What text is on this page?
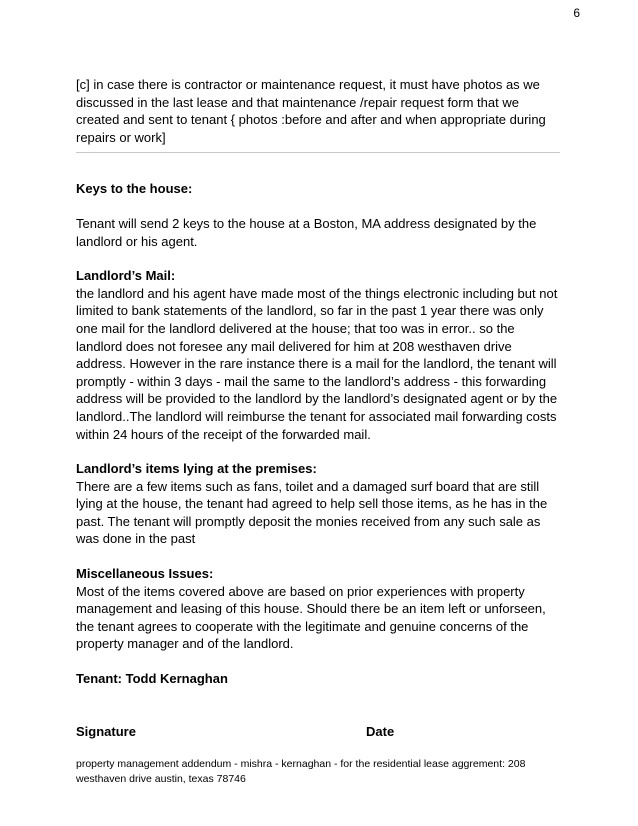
6

[c] in case there is contractor or maintenance request, it must have photos as we discussed in the last lease and that maintenance /repair request form that we created and sent to tenant { photos :before and after and when appropriate during repairs or work]

Keys to the house:

Tenant will send 2 keys to the house at a Boston, MA address designated by the landlord or his agent.

Landlord’s Mail:

the landlord and his agent have made most of the things electronic including but not limited to bank statements of the landlord, so far in the past 1 year there was only one mail for the landlord delivered at the house; that too was in error.. so the landlord does not foresee any mail delivered for him at 208 westhaven drive address. However in the rare instance there is a mail for the landlord, the tenant will promptly - within 3 days - mail the same to the landlord’s address - this forwarding address will be provided to the landlord by the landlord’s designated agent or by the landlord..The landlord will reimburse the tenant for associated mail forwarding costs within 24 hours of the receipt of the forwarded mail.

Landlord’s items lying at the premises:

There are a few items such as fans, toilet and a damaged surf board that are still lying at the house, the tenant had agreed to help sell those items, as he has in the past. The tenant will promptly deposit the monies received from any such sale as was done in the past

Miscellaneous Issues:

Most of the items covered above are based on prior experiences with property management and leasing of this house. Should there be an item left or unforseen, the tenant agrees to cooperate with the legitimate and genuine concerns of the property manager and of the landlord.

Tenant: Todd Kernaghan

Signature	Date
property management addendum - mishra - kernaghan - for the residential lease aggrement: 208 westhaven drive austin, texas 78746
